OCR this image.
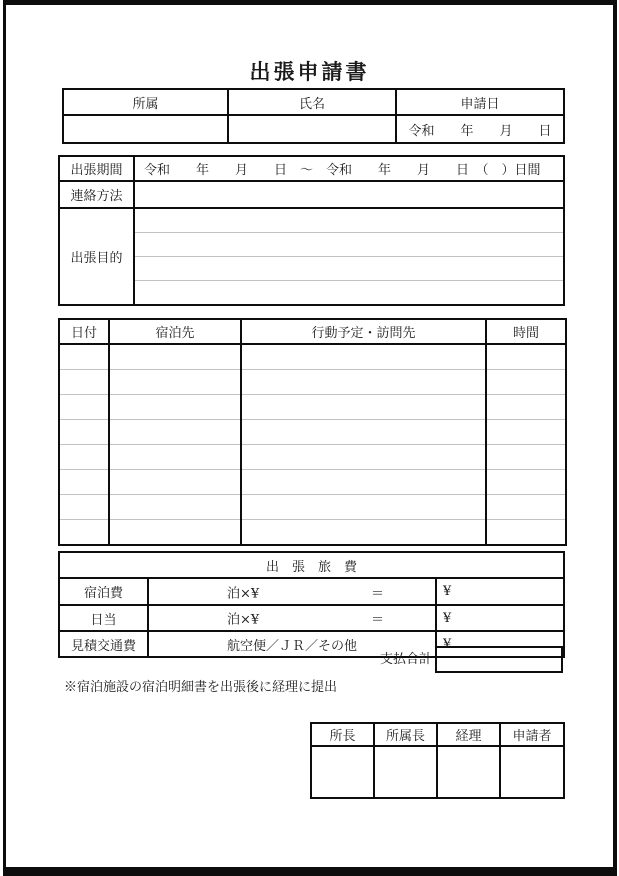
出張申請書
所属	氏名	申請日
		令和　　年　　月　　日
出張期間	令和　　年　　月　　日　〜　令和　　年　　月　　日　（　）日間
連絡方法	
出張目的	
日付	宿泊先	行動予定・訪問先	時間

出　張　旅　費		
宿泊費	泊×¥ ＝	¥
日当	泊×¥ ＝	¥
見積交通費	航空便／ＪＲ／その他	¥
支払合計
※宿泊施設の宿泊明細書を出張後に経理に提出
所長	所属長	経理	申請者
